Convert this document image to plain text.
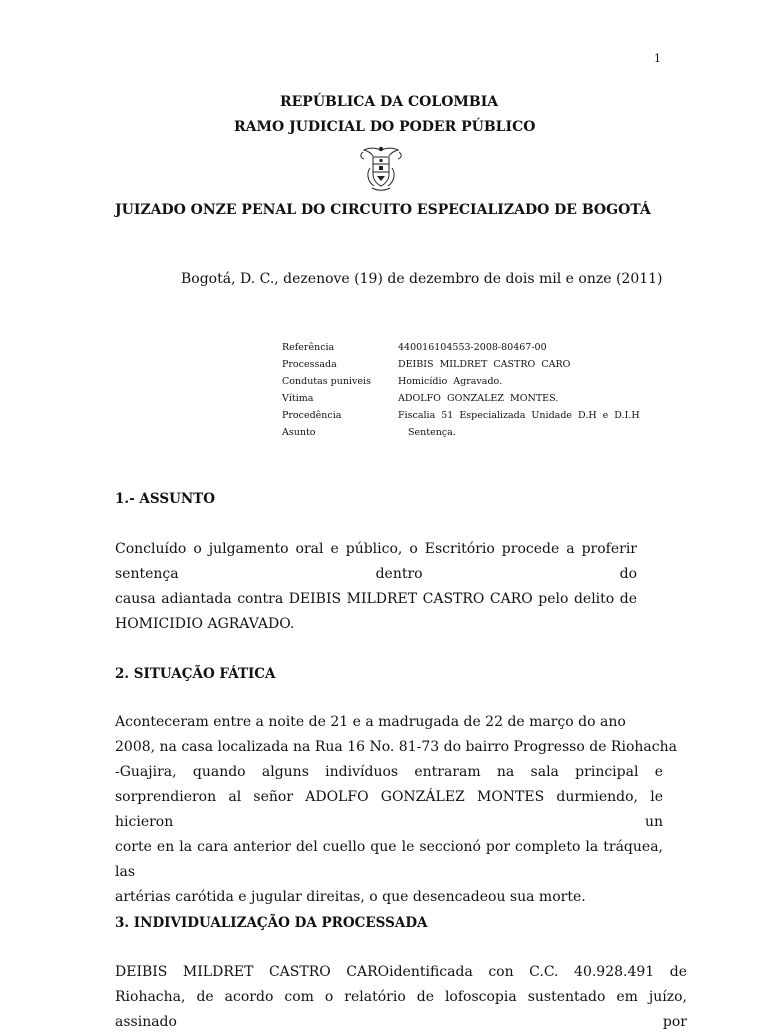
1
REPÚBLICA DA COLOMBIA
RAMO JUDICIAL DO PODER PÚBLICO
JUIZADO ONZE PENAL DO CIRCUITO ESPECIALIZADO DE BOGOTÁ
Bogotá, D. C., dezenove (19) de dezembro de dois mil e onze (2011)
Referência	440016104553-2008-80467-00
Processada	DEIBIS MILDRET CASTRO CARO
Condutas puniveis	Homicídio Agravado.
Vítima	ADOLFO GONZALEZ MONTES.
Procedência	Fiscalia 51 Especializada Unidade D.H e D.I.H
Asunto	Sentença.
1.- ASSUNTO
Concluído o julgamento oral e público, o Escritório procede a proferir sentença dentro do
causa adiantada contra DEIBIS MILDRET CASTRO CARO pelo delito de
HOMICIDIO AGRAVADO.
2. SITUAÇÃO FÁTICA
Aconteceram entre a noite de 21 e a madrugada de 22 de março do ano
2008, na casa localizada na Rua 16 No. 81-73 do bairro Progresso de Riohacha
-Guajira, quando alguns indivíduos entraram na sala principal e
sorprendieron al señor ADOLFO GONZÁLEZ MONTES durmiendo, le hicieron un
corte en la cara anterior del cuello que le seccionó por completo la tráquea, las
artérias carótida e jugular direitas, o que desencadeou sua morte.
3. INDIVIDUALIZAÇÃO DA PROCESSADA
DEIBIS MILDRET CASTRO CAROidentificada con C.C. 40.928.491 de
Riohacha, de acordo com o relatório de lofoscopia sustentado em juízo, assinado por
